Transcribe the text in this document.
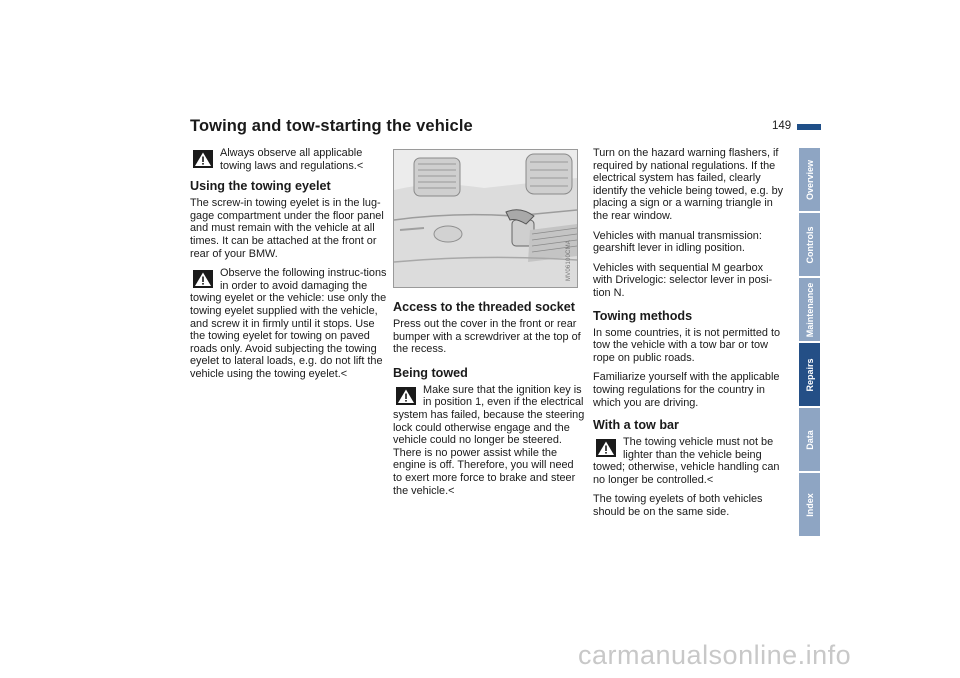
Towing and tow-starting the vehicle	149
Always observe all applicable towing laws and regulations.<
Using the towing eyelet

The screw-in towing eyelet is in the lug-gage compartment under the floor panel and must remain with the vehicle at all times. It can be attached at the front or rear of your BMW.

Observe the following instruc-tions in order to avoid damaging the towing eyelet or the vehicle: use only the towing eyelet supplied with the vehicle, and screw it in firmly until it stops. Use the towing eyelet for towing on paved roads only. Avoid subjecting the towing eyelet to lateral loads, e.g. do not lift the vehicle using the towing eyelet.<
MV06100CMA
Access to the threaded socket

Press out the cover in the front or rear bumper with a screwdriver at the top of the recess.

Being towed
Make sure that the ignition key is in position 1, even if the electrical system has failed, because the steering lock could otherwise engage and the vehicle could no longer be steered. There is no power assist while the engine is off. Therefore, you will need to exert more force to brake and steer the vehicle.<

Turn on the hazard warning flashers, if required by national regulations. If the electrical system has failed, clearly identify the vehicle being towed, e.g. by placing a sign or a warning triangle in the rear window.

Vehicles with manual transmission: gearshift lever in idling position.

Vehicles with sequential M gearbox with Drivelogic: selector lever in posi-tion N.

Towing methods

In some countries, it is not permitted to tow the vehicle with a tow bar or tow rope on public roads.

Familiarize yourself with the applicable towing regulations for the country in which you are driving.

With a tow bar
The towing vehicle must not be lighter than the vehicle being towed; otherwise, vehicle handling can no longer be controlled.<

The towing eyelets of both vehicles should be on the same side.

Overview
Controls
Maintenance
Repairs
Data
Index
carmanualsonline.info
